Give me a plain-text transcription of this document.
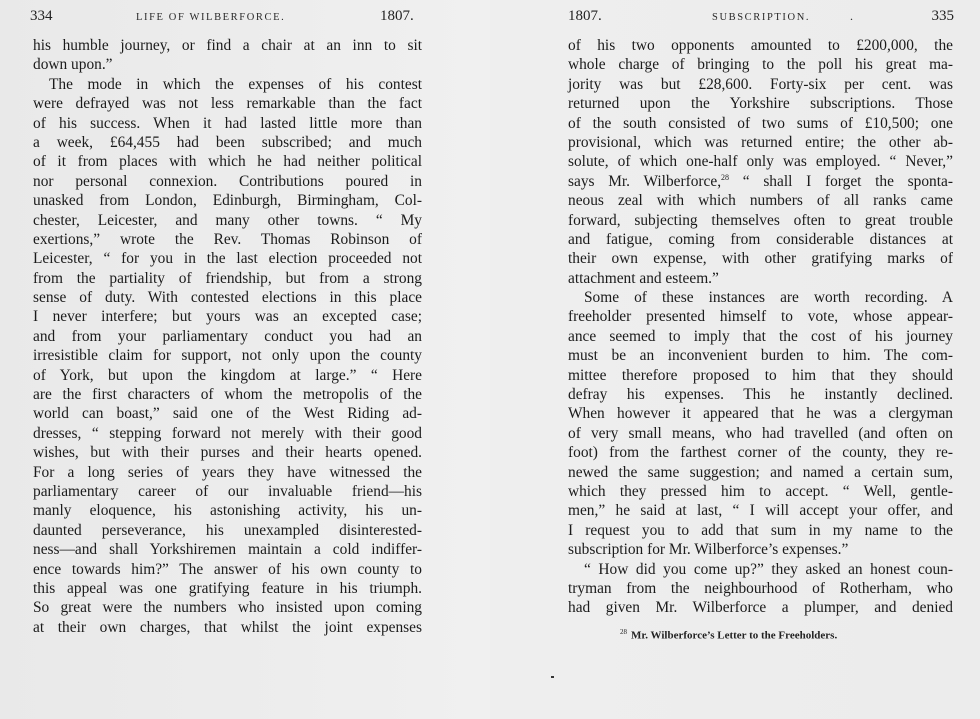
334	LIFE OF WILBERFORCE.	1807.
his humble journey, or find a chair at an inn to sit
down upon.”
The mode in which the expenses of his contest
were defrayed was not less remarkable than the fact
of his success. When it had lasted little more than
a week, £64,455 had been subscribed; and much
of it from places with which he had neither political
nor personal connexion. Contributions poured in
unasked from London, Edinburgh, Birmingham, Col-
chester, Leicester, and many other towns. “ My
exertions,” wrote the Rev. Thomas Robinson of
Leicester, “ for you in the last election proceeded not
from the partiality of friendship, but from a strong
sense of duty. With contested elections in this place
I never interfere; but yours was an excepted case;
and from your parliamentary conduct you had an
irresistible claim for support, not only upon the county
of York, but upon the kingdom at large.” “ Here
are the first characters of whom the metropolis of the
world can boast,” said one of the West Riding ad-
dresses, “ stepping forward not merely with their good
wishes, but with their purses and their hearts opened.
For a long series of years they have witnessed the
parliamentary career of our invaluable friend—his
manly eloquence, his astonishing activity, his un-
daunted perseverance, his unexampled disinterested-
ness—and shall Yorkshiremen maintain a cold indiffer-
ence towards him?” The answer of his own county to
this appeal was one gratifying feature in his triumph.
So great were the numbers who insisted upon coming
at their own charges, that whilst the joint expenses
1807.	SUBSCRIPTION.	.	335
of his two opponents amounted to £200,000, the
whole charge of bringing to the poll his great ma-
jority was but £28,600. Forty-six per cent. was
returned upon the Yorkshire subscriptions. Those
of the south consisted of two sums of £10,500; one
provisional, which was returned entire; the other ab-
solute, of which one-half only was employed. “ Never,”
says Mr. Wilberforce,$^{28}$ “ shall I forget the sponta-
neous zeal with which numbers of all ranks came
forward, subjecting themselves often to great trouble
and fatigue, coming from considerable distances at
their own expense, with other gratifying marks of
attachment and esteem.”
Some of these instances are worth recording. A
freeholder presented himself to vote, whose appear-
ance seemed to imply that the cost of his journey
must be an inconvenient burden to him. The com-
mittee therefore proposed to him that they should
defray his expenses. This he instantly declined.
When however it appeared that he was a clergyman
of very small means, who had travelled (and often on
foot) from the farthest corner of the county, they re-
newed the same suggestion; and named a certain sum,
which they pressed him to accept. “ Well, gentle-
men,” he said at last, “ I will accept your offer, and
I request you to add that sum in my name to the
subscription for Mr. Wilberforce’s expenses.”
“ How did you come up?” they asked an honest coun-
tryman from the neighbourhood of Rotherham, who
had given Mr. Wilberforce a plumper, and denied
$^{28}$ Mr. Wilberforce’s Letter to the Freeholders.
